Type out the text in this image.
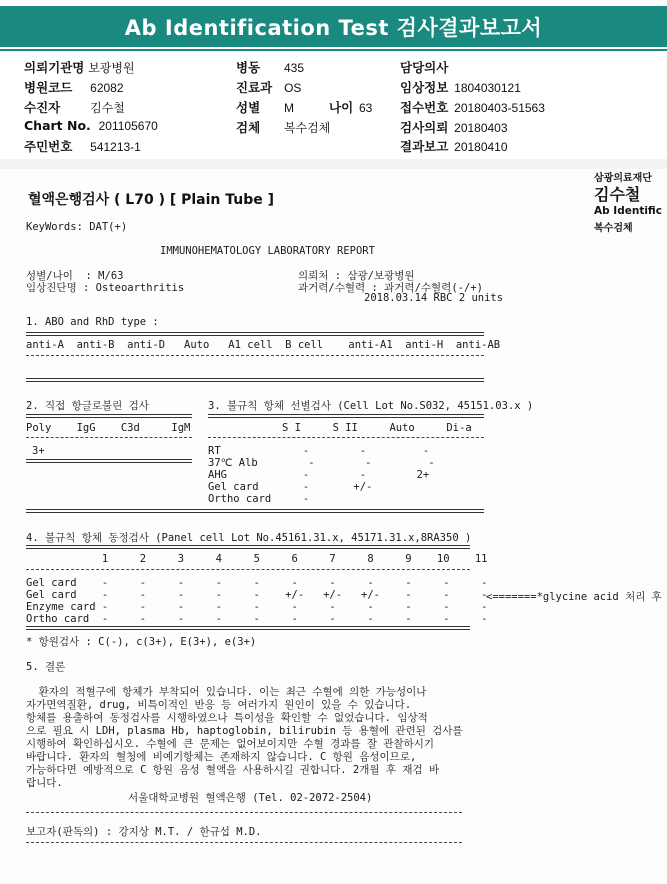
Ab Identification Test 검사결과보고서
의뢰기관명 보광병원
병원코드 62082
수진자 김수철
Chart No. 201105670
주민번호 541213-1
병동 435
진료과 OS
성별 M	나이 63
검체 복수검체
담당의사
임상정보 1804030121
접수번호 20180403-51563
검사의뢰 20180403
결과보고 20180410
삼광의료재단
김수철
Ab Identific
복수검체
혈액은행검사 ( L70 ) [ Plain Tube ]
KeyWords: DAT(+)
IMMUNOHEMATOLOGY LABORATORY REPORT
성별/나이  : M/63
임상진단명 : Osteoarthritis
의뢰처 : 삼광/보광병원
과거력/수혈력 : 과거력/수혈력(-/+)
2018.03.14 RBC 2 units
1. ABO and RhD type :
anti-A  anti-B  anti-D   Auto   A1 cell  B cell    anti-A1  anti-H  anti-AB
2. 직접 항글로불린 검사
Poly    IgG    C3d     IgM
3+
3. 불규칙 항체 선별검사 (Cell Lot No.S032, 45151.03.x )
S I     S II     Auto     Di-a
RT             -        -         -
37℃ Alb        -        -         -
AHG            -        -        2+
Gel card       -       +/-
Ortho card     -
4. 불규칙 항체 동정검사 (Panel cell Lot No.45161.31.x, 45171.31.x,8RA350 )
1     2     3     4     5     6     7     8     9    10    11
Gel card    -     -     -     -     -     -     -     -     -     -     -
Gel card    -     -     -     -     -    +/-   +/-   +/-    -     -     -
Enzyme card -     -     -     -     -     -     -     -     -     -     -
Ortho card  -     -     -     -     -     -     -     -     -     -     -
<=======*glycine acid 처리 후
* 항원검사 : C(-), c(3+), E(3+), e(3+)
5. 결론
환자의 적혈구에 항체가 부착되어 있습니다. 이는 최근 수혈에 의한 가능성이나
자가면역질환, drug, 비특이적인 반응 등 여러가지 원인이 있을 수 있습니다.
항체를 용출하여 동정검사를 시행하였으나 특이성을 확인할 수 없었습니다. 임상적
으로 필요 시 LDH, plasma Hb, haptoglobin, bilirubin 등 용혈에 관련된 검사를
시행하여 확인하십시오. 수혈에 큰 문제는 없어보이지만 수혈 경과를 잘 관찰하시기
바랍니다. 환자의 혈청에 비예기항체는 존재하지 않습니다. C 항원 음성이므로,
가능하다면 예방적으로 C 항원 음성 혈액을 사용하시길 권합니다. 2개월 후 재검 바
랍니다.
서울대학교병원 혈액은행 (Tel. 02-2072-2504)
보고자(판독의) : 강지상 M.T. / 한규섭 M.D.
